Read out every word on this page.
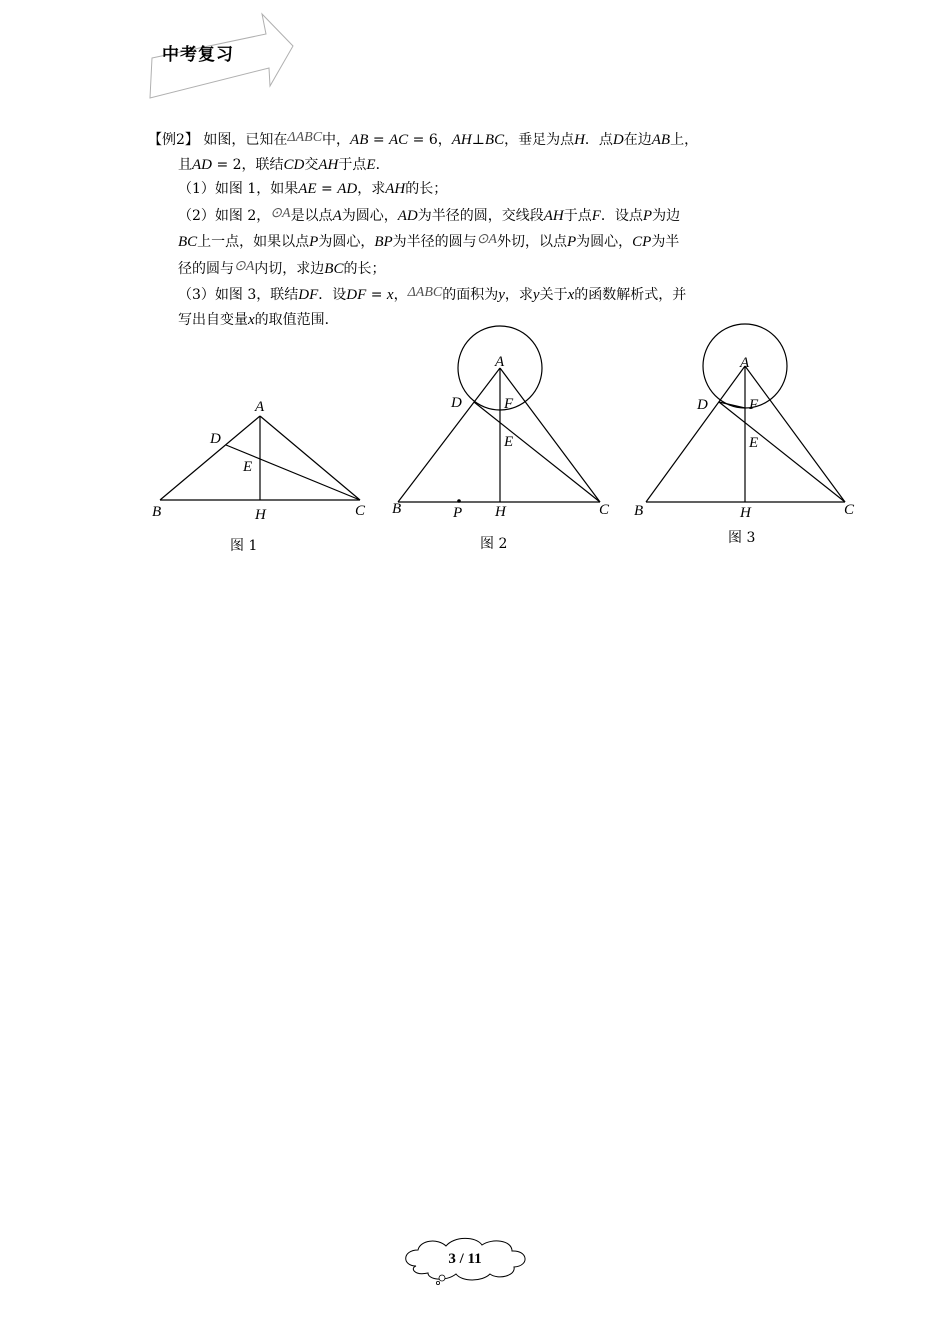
中考复习
【例2】 如图，已知在ΔABC中，AB = AC = 6，AH⊥BC，垂足为点H．点D在边AB上，
且AD = 2，联结CD交AH于点E．
（1）如图 1，如果AE = AD，求AH的长；
（2）如图 2，⊙A是以点A为圆心，AD为半径的圆，交线段AH于点F．设点P为边
BC上一点，如果以点P为圆心，BP为半径的圆与⊙A外切，以点P为圆心，CP为半
径的圆与⊙A内切，求边BC的长；
（3）如图 3，联结DF．设DF = x，ΔABC的面积为y，求y关于x的函数解析式，并
写出自变量x的取值范围．
A
B	C
D
E
H
图 1
A
B	C
D
E
F
H
P
图 2
A
B	C
D
E
F
H
图 3
3 / 11
